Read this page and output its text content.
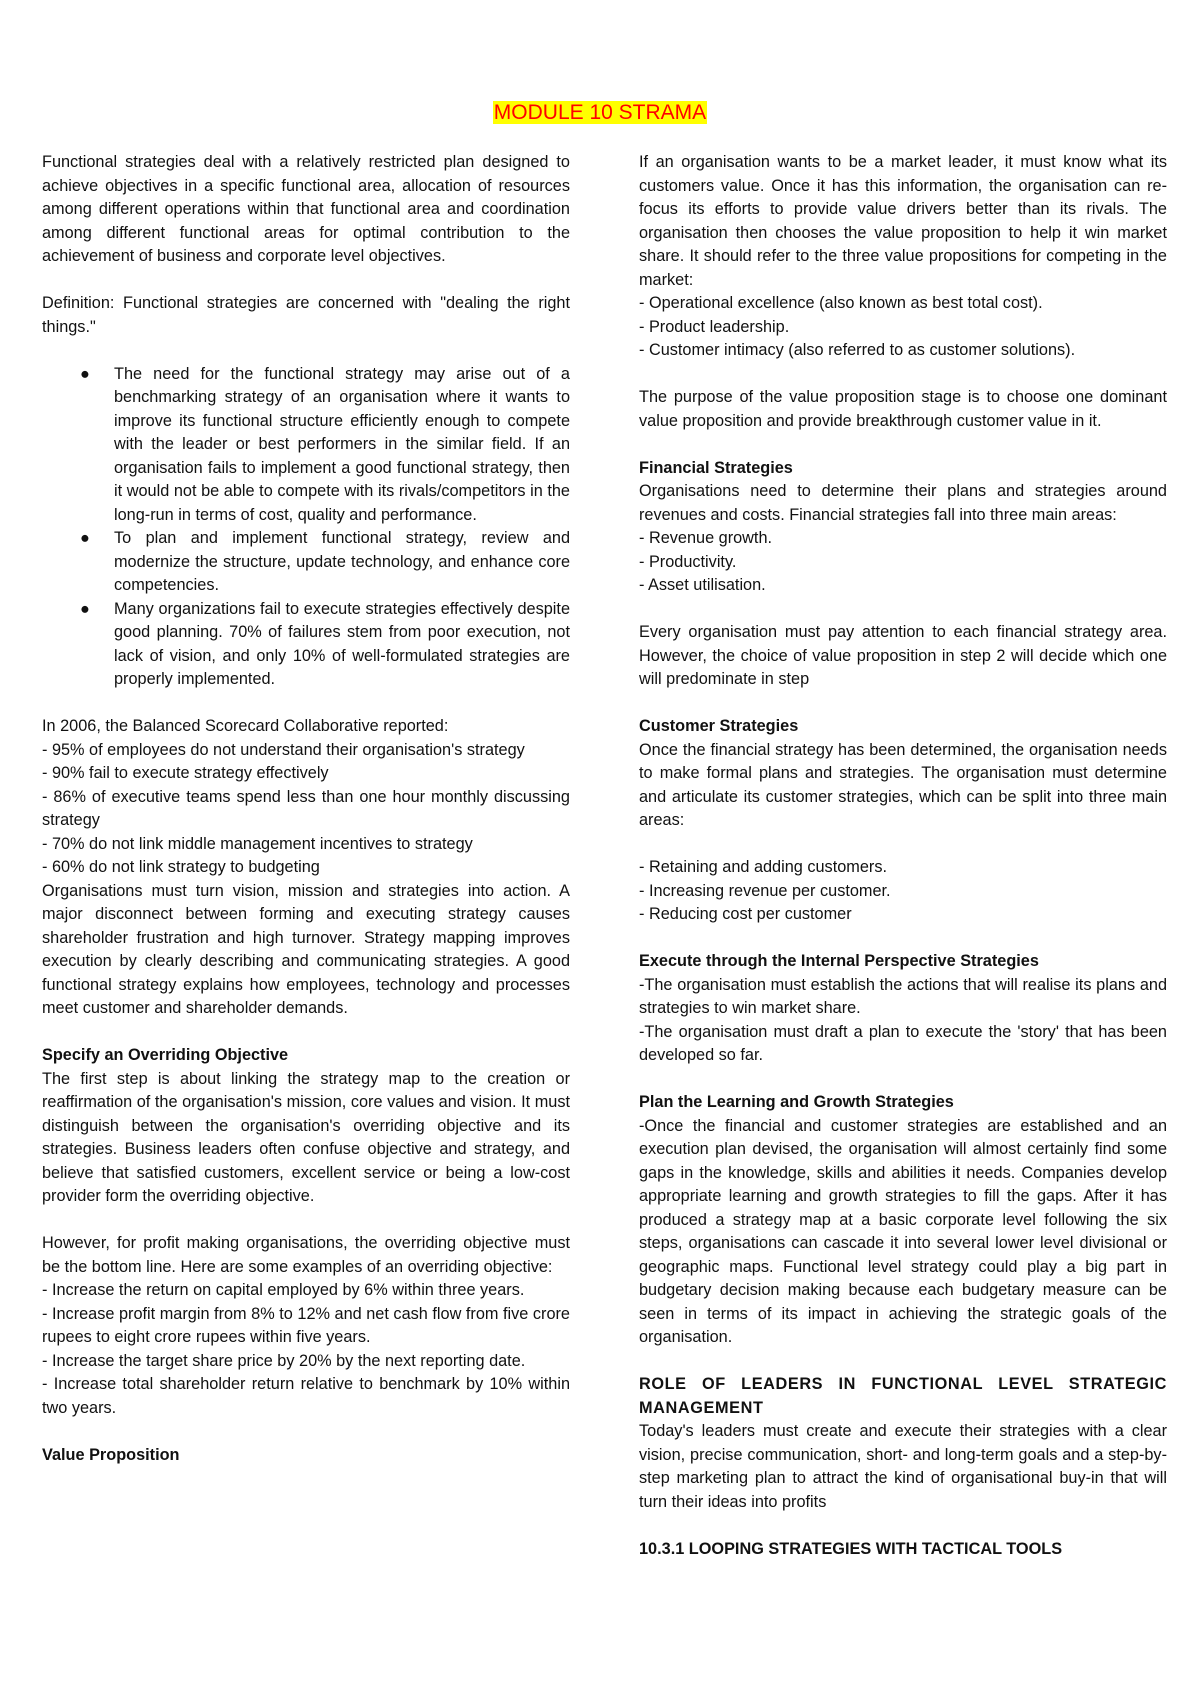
MODULE 10 STRAMA

Functional strategies deal with a relatively restricted plan designed to achieve objectives in a specific functional area, allocation of resources among different operations within that functional area and coordination among different functional areas for optimal contribution to the achievement of business and corporate level objectives.

Definition: Functional strategies are concerned with "dealing the right things."

● The need for the functional strategy may arise out of a benchmarking strategy of an organisation where it wants to improve its functional structure efficiently enough to compete with the leader or best performers in the similar field. If an organisation fails to implement a good functional strategy, then it would not be able to compete with its rivals/competitors in the long-run in terms of cost, quality and performance.
● To plan and implement functional strategy, review and modernize the structure, update technology, and enhance core competencies.
● Many organizations fail to execute strategies effectively despite good planning. 70% of failures stem from poor execution, not lack of vision, and only 10% of well-formulated strategies are properly implemented.

In 2006, the Balanced Scorecard Collaborative reported:

- 95% of employees do not understand their organisation's strategy

- 90% fail to execute strategy effectively

- 86% of executive teams spend less than one hour monthly discussing strategy

- 70% do not link middle management incentives to strategy

- 60% do not link strategy to budgeting

Organisations must turn vision, mission and strategies into action. A major disconnect between forming and executing strategy causes shareholder frustration and high turnover. Strategy mapping improves execution by clearly describing and communicating strategies. A good functional strategy explains how employees, technology and processes meet customer and shareholder demands.

Specify an Overriding Objective

The first step is about linking the strategy map to the creation or reaffirmation of the organisation's mission, core values and vision. It must distinguish between the organisation's overriding objective and its strategies. Business leaders often confuse objective and strategy, and believe that satisfied customers, excellent service or being a low-cost provider form the overriding objective.

However, for profit making organisations, the overriding objective must be the bottom line. Here are some examples of an overriding objective:

- Increase the return on capital employed by 6% within three years.

- Increase profit margin from 8% to 12% and net cash flow from five crore rupees to eight crore rupees within five years.

- Increase the target share price by 20% by the next reporting date.

- Increase total shareholder return relative to benchmark by 10% within two years.

Value Proposition

If an organisation wants to be a market leader, it must know what its customers value. Once it has this information, the organisation can re-focus its efforts to provide value drivers better than its rivals. The organisation then chooses the value proposition to help it win market share. It should refer to the three value propositions for competing in the market:

- Operational excellence (also known as best total cost).

- Product leadership.

- Customer intimacy (also referred to as customer solutions).

The purpose of the value proposition stage is to choose one dominant value proposition and provide breakthrough customer value in it.

Financial Strategies

Organisations need to determine their plans and strategies around revenues and costs. Financial strategies fall into three main areas:

- Revenue growth.

- Productivity.

- Asset utilisation.

Every organisation must pay attention to each financial strategy area. However, the choice of value proposition in step 2 will decide which one will predominate in step

Customer Strategies

Once the financial strategy has been determined, the organisation needs to make formal plans and strategies. The organisation must determine and articulate its customer strategies, which can be split into three main areas:

- Retaining and adding customers.

- Increasing revenue per customer.

- Reducing cost per customer

Execute through the Internal Perspective Strategies

-The organisation must establish the actions that will realise its plans and strategies to win market share.

-The organisation must draft a plan to execute the 'story' that has been developed so far.

Plan the Learning and Growth Strategies

-Once the financial and customer strategies are established and an execution plan devised, the organisation will almost certainly find some gaps in the knowledge, skills and abilities it needs. Companies develop appropriate learning and growth strategies to fill the gaps. After it has produced a strategy map at a basic corporate level following the six steps, organisations can cascade it into several lower level divisional or geographic maps. Functional level strategy could play a big part in budgetary decision making because each budgetary measure can be seen in terms of its impact in achieving the strategic goals of the organisation.

ROLE OF LEADERS IN FUNCTIONAL LEVEL STRATEGIC MANAGEMENT

Today's leaders must create and execute their strategies with a clear vision, precise communication, short- and long-term goals and a step-by-step marketing plan to attract the kind of organisational buy-in that will turn their ideas into profits

10.3.1 LOOPING STRATEGIES WITH TACTICAL TOOLS
